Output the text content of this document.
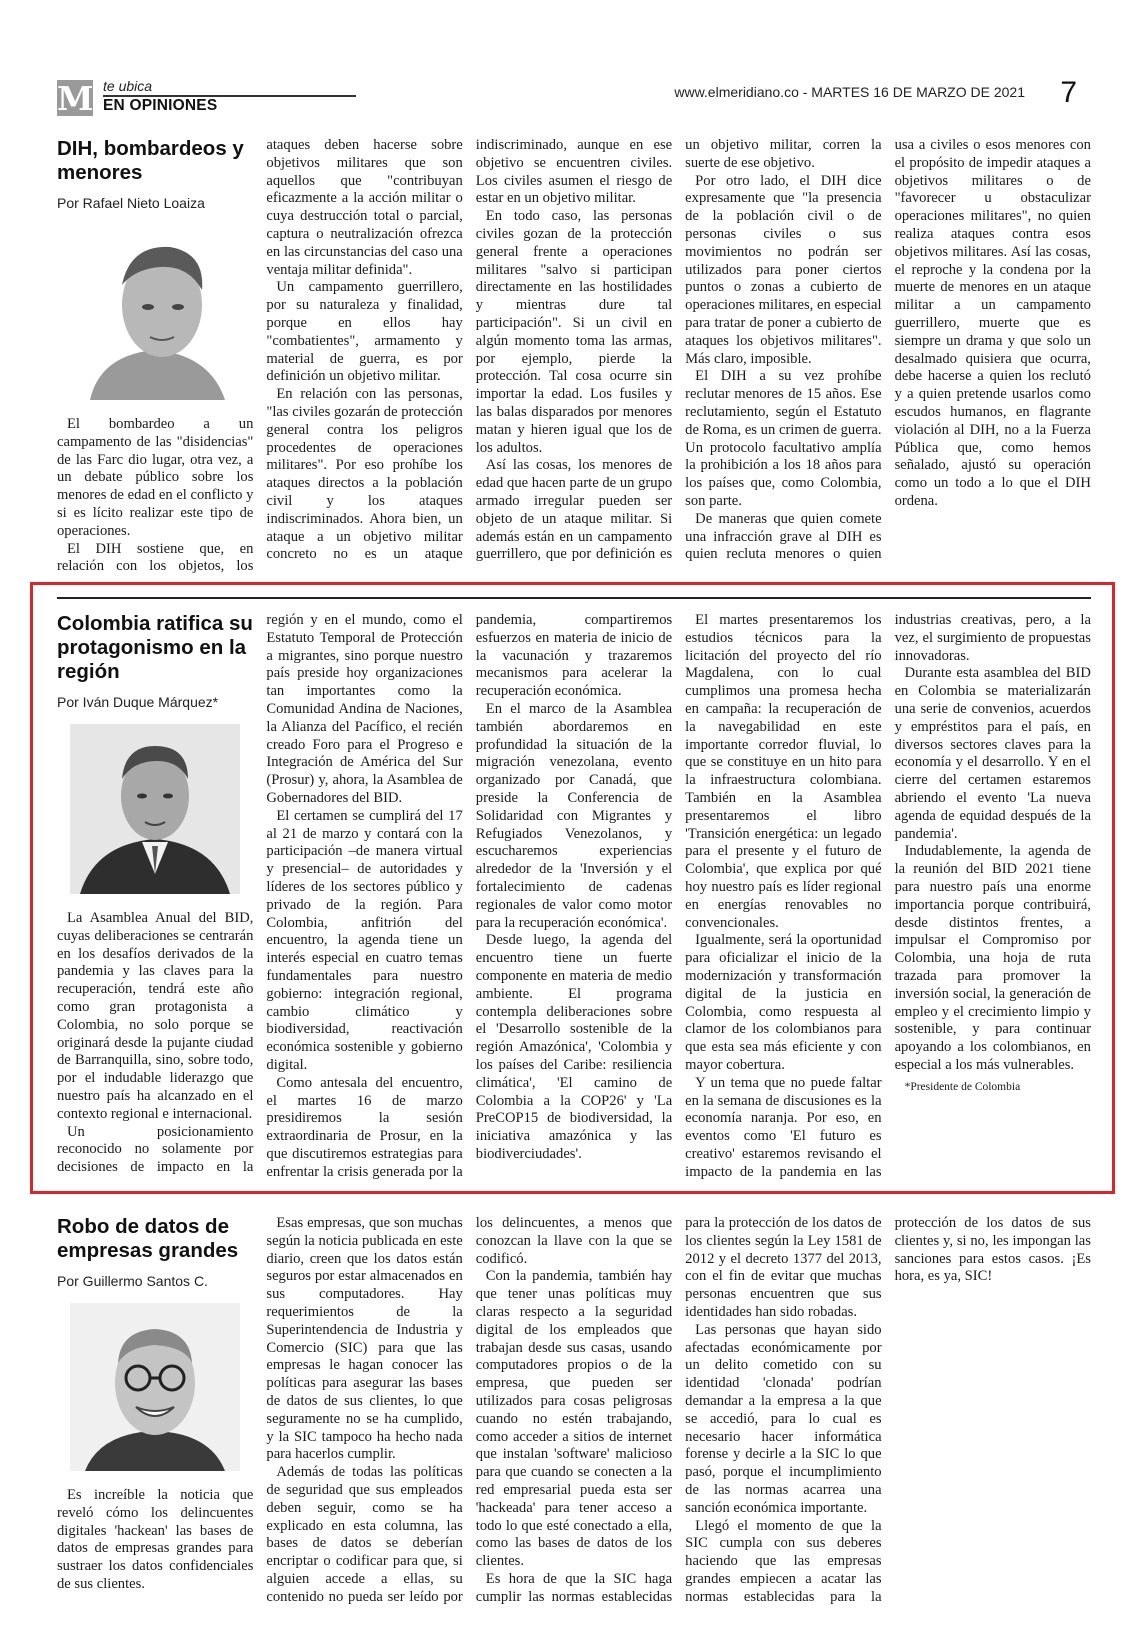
M te ubica
EN OPINIONES
www.elmeridiano.co - MARTES 16 DE MARZO DE 2021 7
DIH, bombardeos y menores
Por Rafael Nieto Loaiza

El bombardeo a un campamento de las "disidencias" de las Farc dio lugar, otra vez, a un debate público sobre los menores de edad en el conflicto y si es lícito realizar este tipo de operaciones.

El DIH sostiene que, en relación con los objetos, los ataques deben hacerse sobre objetivos militares que son aquellos que "contribuyan eficazmente a la acción militar o cuya destrucción total o parcial, captura o neutralización ofrezca en las circunstancias del caso una ventaja militar definida".

Un campamento guerrillero, por su naturaleza y finalidad, porque en ellos hay "combatientes", armamento y material de guerra, es por definición un objetivo militar.

En relación con las personas, "las civiles gozarán de protección general contra los peligros procedentes de operaciones militares". Por eso prohíbe los ataques directos a la población civil y los ataques indiscriminados. Ahora bien, un ataque a un objetivo militar concreto no es un ataque indiscriminado, aunque en ese objetivo se encuentren civiles. Los civiles asumen el riesgo de estar en un objetivo militar.

En todo caso, las personas civiles gozan de la protección general frente a operaciones militares "salvo si participan directamente en las hostilidades y mientras dure tal participación". Si un civil en algún momento toma las armas, por ejemplo, pierde la protección. Tal cosa ocurre sin importar la edad. Los fusiles y las balas disparados por menores matan y hieren igual que los de los adultos.

Así las cosas, los menores de edad que hacen parte de un grupo armado irregular pueden ser objeto de un ataque militar. Si además están en un campamento guerrillero, que por definición es un objetivo militar, corren la suerte de ese objetivo.

Por otro lado, el DIH dice expresamente que "la presencia de la población civil o de personas civiles o sus movimientos no podrán ser utilizados para poner ciertos puntos o zonas a cubierto de operaciones militares, en especial para tratar de poner a cubierto de ataques los objetivos militares". Más claro, imposible.

El DIH a su vez prohíbe reclutar menores de 15 años. Ese reclutamiento, según el Estatuto de Roma, es un crimen de guerra. Un protocolo facultativo amplía la prohibición a los 18 años para los países que, como Colombia, son parte.

De maneras que quien comete una infracción grave al DIH es quien recluta menores o quien usa a civiles o esos menores con el propósito de impedir ataques a objetivos militares o de "favorecer u obstaculizar operaciones militares", no quien realiza ataques contra esos objetivos militares. Así las cosas, el reproche y la condena por la muerte de menores en un ataque militar a un campamento guerrillero, muerte que es siempre un drama y que solo un desalmado quisiera que ocurra, debe hacerse a quien los reclutó y a quien pretende usarlos como escudos humanos, en flagrante violación al DIH, no a la Fuerza Pública que, como hemos señalado, ajustó su operación como un todo a lo que el DIH ordena.

Colombia ratifica su protagonismo en la región
Por Iván Duque Márquez*

La Asamblea Anual del BID, cuyas deliberaciones se centrarán en los desafíos derivados de la pandemia y las claves para la recuperación, tendrá este año como gran protagonista a Colombia, no solo porque se originará desde la pujante ciudad de Barranquilla, sino, sobre todo, por el indudable liderazgo que nuestro país ha alcanzado en el contexto regional e internacional.

Un posicionamiento reconocido no solamente por decisiones de impacto en la región y en el mundo, como el Estatuto Temporal de Protección a migrantes, sino porque nuestro país preside hoy organizaciones tan importantes como la Comunidad Andina de Naciones, la Alianza del Pacífico, el recién creado Foro para el Progreso e Integración de América del Sur (Prosur) y, ahora, la Asamblea de Gobernadores del BID.

El certamen se cumplirá del 17 al 21 de marzo y contará con la participación –de manera virtual y presencial– de autoridades y líderes de los sectores público y privado de la región. Para Colombia, anfitrión del encuentro, la agenda tiene un interés especial en cuatro temas fundamentales para nuestro gobierno: integración regional, cambio climático y biodiversidad, reactivación económica sostenible y gobierno digital.

Como antesala del encuentro, el martes 16 de marzo presidiremos la sesión extraordinaria de Prosur, en la que discutiremos estrategias para enfrentar la crisis generada por la pandemia, compartiremos esfuerzos en materia de inicio de la vacunación y trazaremos mecanismos para acelerar la recuperación económica.

En el marco de la Asamblea también abordaremos en profundidad la situación de la migración venezolana, evento organizado por Canadá, que preside la Conferencia de Solidaridad con Migrantes y Refugiados Venezolanos, y escucharemos experiencias alrededor de la 'Inversión y el fortalecimiento de cadenas regionales de valor como motor para la recuperación económica'.

Desde luego, la agenda del encuentro tiene un fuerte componente en materia de medio ambiente. El programa contempla deliberaciones sobre el 'Desarrollo sostenible de la región Amazónica', 'Colombia y los países del Caribe: resiliencia climática', 'El camino de Colombia a la COP26' y 'La PreCOP15 de biodiversidad, la iniciativa amazónica y las biodiverciudades'.

El martes presentaremos los estudios técnicos para la licitación del proyecto del río Magdalena, con lo cual cumplimos una promesa hecha en campaña: la recuperación de la navegabilidad en este importante corredor fluvial, lo que se constituye en un hito para la infraestructura colombiana. También en la Asamblea presentaremos el libro 'Transición energética: un legado para el presente y el futuro de Colombia', que explica por qué hoy nuestro país es líder regional en energías renovables no convencionales.

Igualmente, será la oportunidad para oficializar el inicio de la modernización y transformación digital de la justicia en Colombia, como respuesta al clamor de los colombianos para que esta sea más eficiente y con mayor cobertura.

Y un tema que no puede faltar en la semana de discusiones es la economía naranja. Por eso, en eventos como 'El futuro es creativo' estaremos revisando el impacto de la pandemia en las industrias creativas, pero, a la vez, el surgimiento de propuestas innovadoras.

Durante esta asamblea del BID en Colombia se materializarán una serie de convenios, acuerdos y empréstitos para el país, en diversos sectores claves para la economía y el desarrollo. Y en el cierre del certamen estaremos abriendo el evento 'La nueva agenda de equidad después de la pandemia'.

Indudablemente, la agenda de la reunión del BID 2021 tiene para nuestro país una enorme importancia porque contribuirá, desde distintos frentes, a impulsar el Compromiso por Colombia, una hoja de ruta trazada para promover la inversión social, la generación de empleo y el crecimiento limpio y sostenible, y para continuar apoyando a los colombianos, en especial a los más vulnerables.

*Presidente de Colombia
Robo de datos de empresas grandes
Por Guillermo Santos C.

Es increíble la noticia que reveló cómo los delincuentes digitales 'hackean' las bases de datos de empresas grandes para sustraer los datos confidenciales de sus clientes.

Esas empresas, que son muchas según la noticia publicada en este diario, creen que los datos están seguros por estar almacenados en sus computadores. Hay requerimientos de la Superintendencia de Industria y Comercio (SIC) para que las empresas le hagan conocer las políticas para asegurar las bases de datos de sus clientes, lo que seguramente no se ha cumplido, y la SIC tampoco ha hecho nada para hacerlos cumplir.

Además de todas las políticas de seguridad que sus empleados deben seguir, como se ha explicado en esta columna, las bases de datos se deberían encriptar o codificar para que, si alguien accede a ellas, su contenido no pueda ser leído por los delincuentes, a menos que conozcan la llave con la que se codificó.

Con la pandemia, también hay que tener unas políticas muy claras respecto a la seguridad digital de los empleados que trabajan desde sus casas, usando computadores propios o de la empresa, que pueden ser utilizados para cosas peligrosas cuando no estén trabajando, como acceder a sitios de internet que instalan 'software' malicioso para que cuando se conecten a la red empresarial pueda esta ser 'hackeada' para tener acceso a todo lo que esté conectado a ella, como las bases de datos de los clientes.

Es hora de que la SIC haga cumplir las normas establecidas para la protección de los datos de los clientes según la Ley 1581 de 2012 y el decreto 1377 del 2013, con el fin de evitar que muchas personas encuentren que sus identidades han sido robadas.

Las personas que hayan sido afectadas económicamente por un delito cometido con su identidad 'clonada' podrían demandar a la empresa a la que se accedió, para lo cual es necesario hacer informática forense y decirle a la SIC lo que pasó, porque el incumplimiento de las normas acarrea una sanción económica importante.

Llegó el momento de que la SIC cumpla con sus deberes haciendo que las empresas grandes empiecen a acatar las normas establecidas para la protección de los datos de sus clientes y, si no, les impongan las sanciones para estos casos. ¡Es hora, es ya, SIC!
